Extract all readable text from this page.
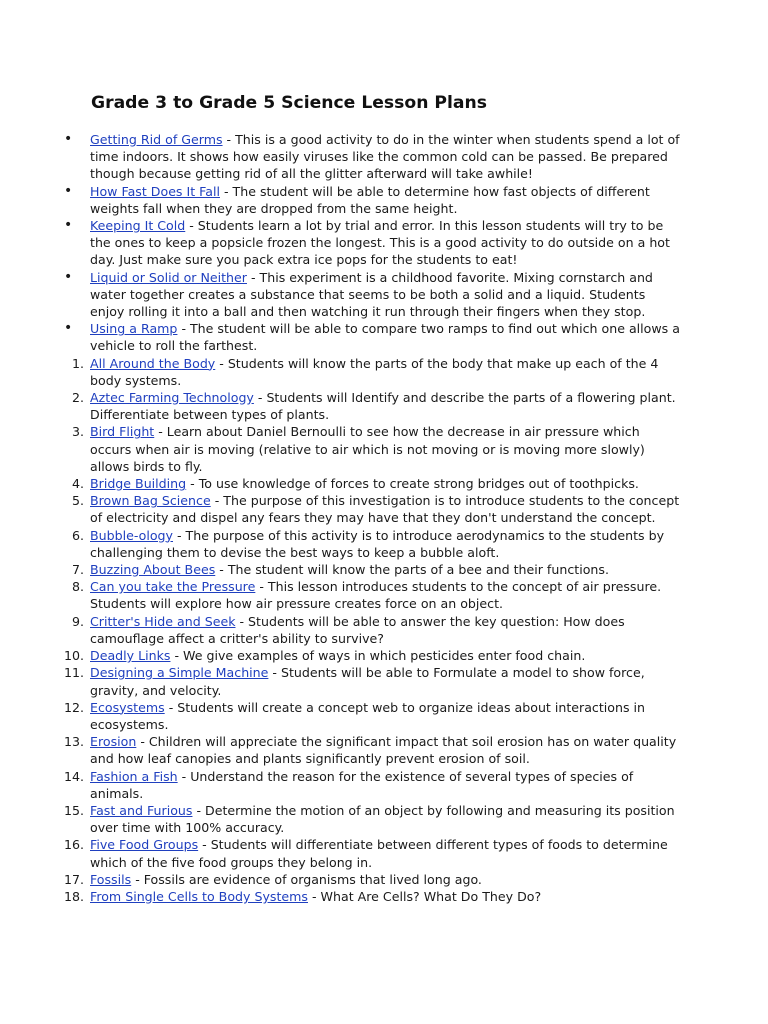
Grade 3 to Grade 5 Science Lesson Plans
• Getting Rid of Germs - This is a good activity to do in the winter when students spend a lot of time indoors. It shows how easily viruses like the common cold can be passed. Be prepared though because getting rid of all the glitter afterward will take awhile!
• How Fast Does It Fall - The student will be able to determine how fast objects of different weights fall when they are dropped from the same height.
• Keeping It Cold - Students learn a lot by trial and error. In this lesson students will try to be the ones to keep a popsicle frozen the longest. This is a good activity to do outside on a hot day. Just make sure you pack extra ice pops for the students to eat!
• Liquid or Solid or Neither - This experiment is a childhood favorite. Mixing cornstarch and water together creates a substance that seems to be both a solid and a liquid. Students enjoy rolling it into a ball and then watching it run through their fingers when they stop.
• Using a Ramp - The student will be able to compare two ramps to find out which one allows a vehicle to roll the farthest.
1. All Around the Body - Students will know the parts of the body that make up each of the 4 body systems.
2. Aztec Farming Technology - Students will Identify and describe the parts of a flowering plant. Differentiate between types of plants.
3. Bird Flight - Learn about Daniel Bernoulli to see how the decrease in air pressure which occurs when air is moving (relative to air which is not moving or is moving more slowly) allows birds to fly.
4. Bridge Building - To use knowledge of forces to create strong bridges out of toothpicks.
5. Brown Bag Science - The purpose of this investigation is to introduce students to the concept of electricity and dispel any fears they may have that they don't understand the concept.
6. Bubble-ology - The purpose of this activity is to introduce aerodynamics to the students by challenging them to devise the best ways to keep a bubble aloft.
7. Buzzing About Bees - The student will know the parts of a bee and their functions.
8. Can you take the Pressure - This lesson introduces students to the concept of air pressure. Students will explore how air pressure creates force on an object.
9. Critter's Hide and Seek - Students will be able to answer the key question: How does camouflage affect a critter's ability to survive?
10. Deadly Links - We give examples of ways in which pesticides enter food chain.
11. Designing a Simple Machine - Students will be able to Formulate a model to show force, gravity, and velocity.
12. Ecosystems - Students will create a concept web to organize ideas about interactions in ecosystems.
13. Erosion - Children will appreciate the significant impact that soil erosion has on water quality and how leaf canopies and plants significantly prevent erosion of soil.
14. Fashion a Fish - Understand the reason for the existence of several types of species of animals.
15. Fast and Furious - Determine the motion of an object by following and measuring its position over time with 100% accuracy.
16. Five Food Groups - Students will differentiate between different types of foods to determine which of the five food groups they belong in.
17. Fossils - Fossils are evidence of organisms that lived long ago.
18. From Single Cells to Body Systems - What Are Cells? What Do They Do?
